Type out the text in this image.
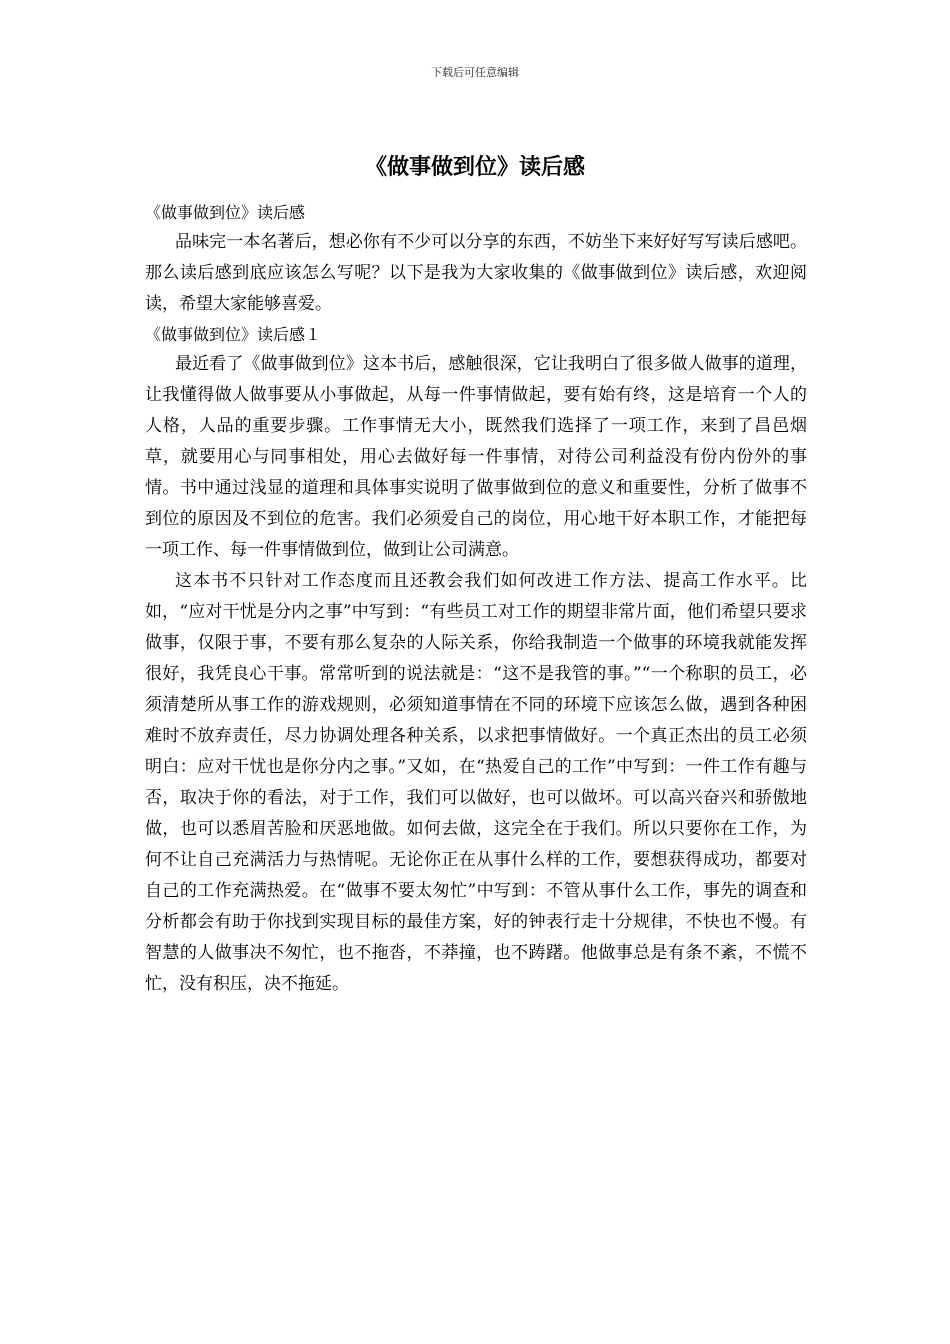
下载后可任意编辑
《做事做到位》读后感

《做事做到位》读后感

品味完一本名著后，想必你有不少可以分享的东西，不妨坐下来好好写写读后感吧。那么读后感到底应该怎么写呢？以下是我为大家收集的《做事做到位》读后感，欢迎阅读，希望大家能够喜爱。

《做事做到位》读后感１

最近看了《做事做到位》这本书后，感触很深，它让我明白了很多做人做事的道理，让我懂得做人做事要从小事做起，从每一件事情做起，要有始有终，这是培育一个人的人格，人品的重要步骤。工作事情无大小，既然我们选择了一项工作，来到了昌邑烟草，就要用心与同事相处，用心去做好每一件事情，对待公司利益没有份内份外的事情。书中通过浅显的道理和具体事实说明了做事做到位的意义和重要性，分析了做事不到位的原因及不到位的危害。我们必须爱自己的岗位，用心地干好本职工作，才能把每一项工作、每一件事情做到位，做到让公司满意。

这本书不只针对工作态度而且还教会我们如何改进工作方法、提高工作水平。比如，“应对干忧是分内之事”中写到：“有些员工对工作的期望非常片面，他们希望只要求做事，仅限于事，不要有那么复杂的人际关系，你给我制造一个做事的环境我就能发挥很好，我凭良心干事。常常听到的说法就是：“这不是我管的事。”“一个称职的员工，必须清楚所从事工作的游戏规则，必须知道事情在不同的环境下应该怎么做，遇到各种困难时不放弃责任，尽力协调处理各种关系，以求把事情做好。一个真正杰出的员工必须明白：应对干忧也是你分内之事。”又如，在“热爱自己的工作”中写到：一件工作有趣与否，取决于你的看法，对于工作，我们可以做好，也可以做坏。可以高兴奋兴和骄傲地做，也可以悉眉苦脸和厌恶地做。如何去做，这完全在于我们。所以只要你在工作，为何不让自己充满活力与热情呢。无论你正在从事什么样的工作，要想获得成功，都要对自己的工作充满热爱。在“做事不要太匆忙”中写到：不管从事什么工作，事先的调查和分析都会有助于你找到实现目标的最佳方案，好的钟表行走十分规律，不快也不慢。有智慧的人做事决不匆忙，也不拖沓，不莽撞，也不踌躇。他做事总是有条不紊，不慌不忙，没有积压，决不拖延。
